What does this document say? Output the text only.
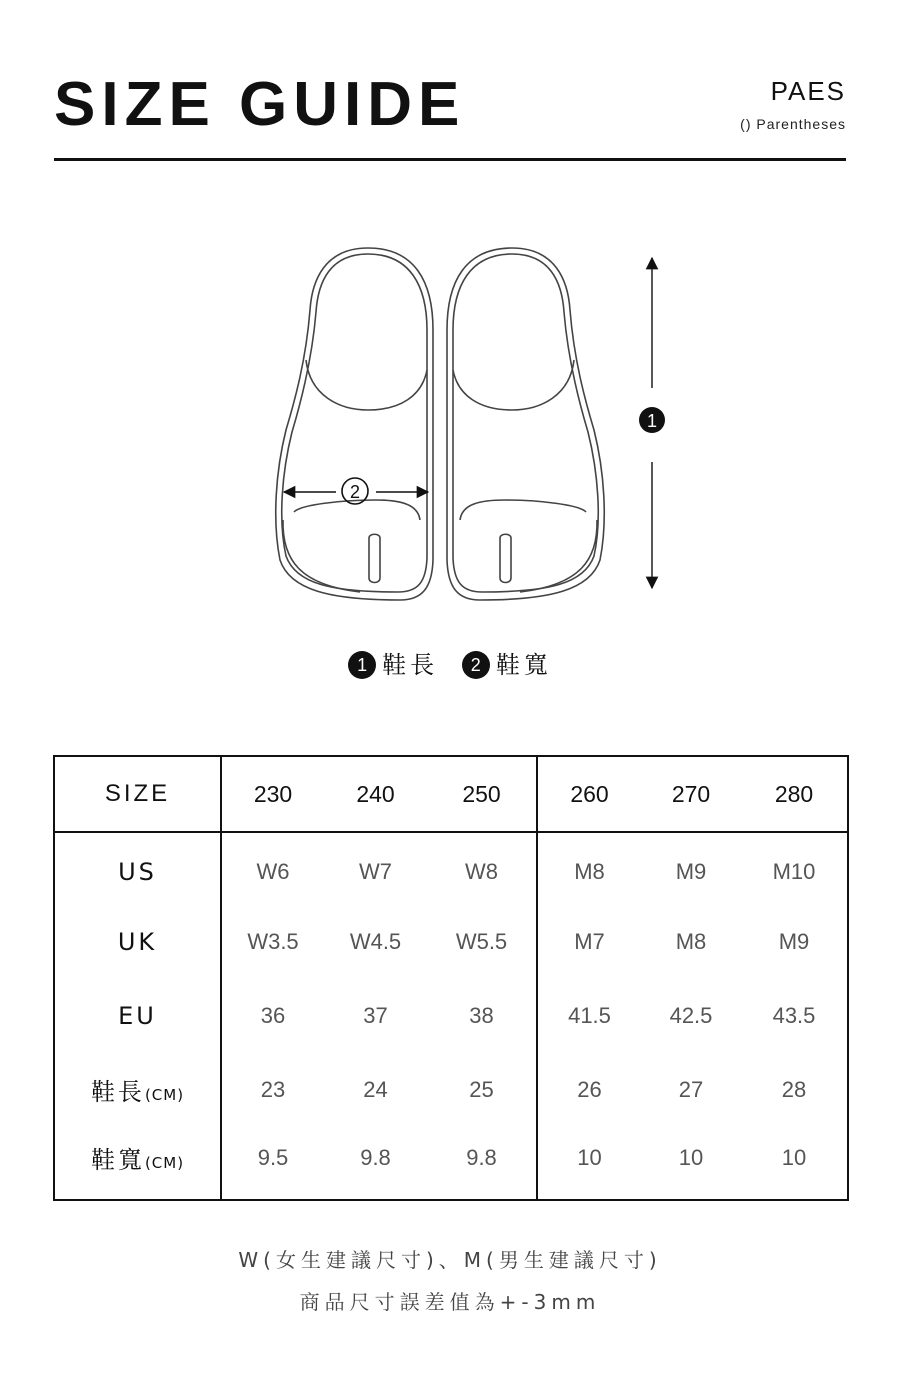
SIZE GUIDE	PAES
() Parentheses
1
2
1 鞋長 2 鞋寬
SIZE	230	240	250	260	270	280
US	W6	W7	W8	M8	M9	M10
UK	W3.5	W4.5	W5.5	M7	M8	M9
EU	36	37	38	41.5	42.5	43.5
鞋長(CM)	23	24	25	26	27	28
鞋寬(CM)	9.5	9.8	9.8	10	10	10
W(女生建議尺寸)、M(男生建議尺寸)
商品尺寸誤差值為+-3mm
